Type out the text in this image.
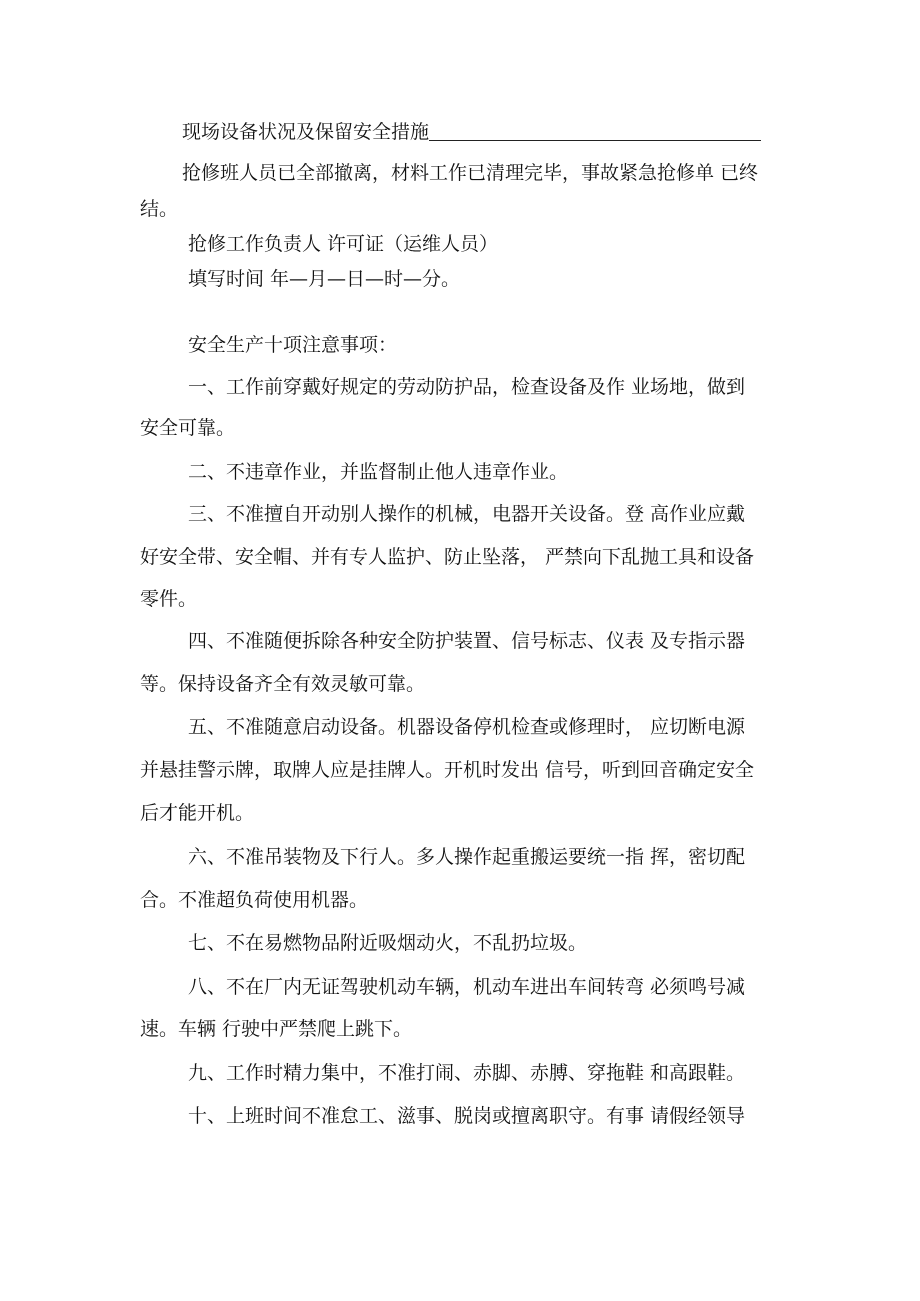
现场设备状况及保留安全措施
抢修班人员已全部撤离，材料工作已清理完毕，事故紧急抢修单 已终
结。
抢修工作负责人 许可证（运维人员）
填写时间 年—月—日—时—分。
安全生产十项注意事项：
一、工作前穿戴好规定的劳动防护品，检查设备及作 业场地，做到
安全可靠。
二、不违章作业，并监督制止他人违章作业。
三、不准擅自开动别人操作的机械，电器开关设备。登 高作业应戴
好安全带、安全帽、并有专人监护、防止坠落， 严禁向下乱抛工具和设备
零件。
四、不准随便拆除各种安全防护装置、信号标志、仪表 及专指示器
等。保持设备齐全有效灵敏可靠。
五、不准随意启动设备。机器设备停机检查或修理时， 应切断电源
并悬挂警示牌，取牌人应是挂牌人。开机时发出 信号，听到回音确定安全
后才能开机。
六、不准吊装物及下行人。多人操作起重搬运要统一指 挥，密切配
合。不准超负荷使用机器。
七、不在易燃物品附近吸烟动火，不乱扔垃圾。
八、不在厂内无证驾驶机动车辆，机动车进出车间转弯 必须鸣号减
速。车辆 行驶中严禁爬上跳下。
九、工作时精力集中，不准打闹、赤脚、赤膊、穿拖鞋 和高跟鞋。
十、上班时间不准怠工、滋事、脱岗或擅离职守。有事 请假经领导
